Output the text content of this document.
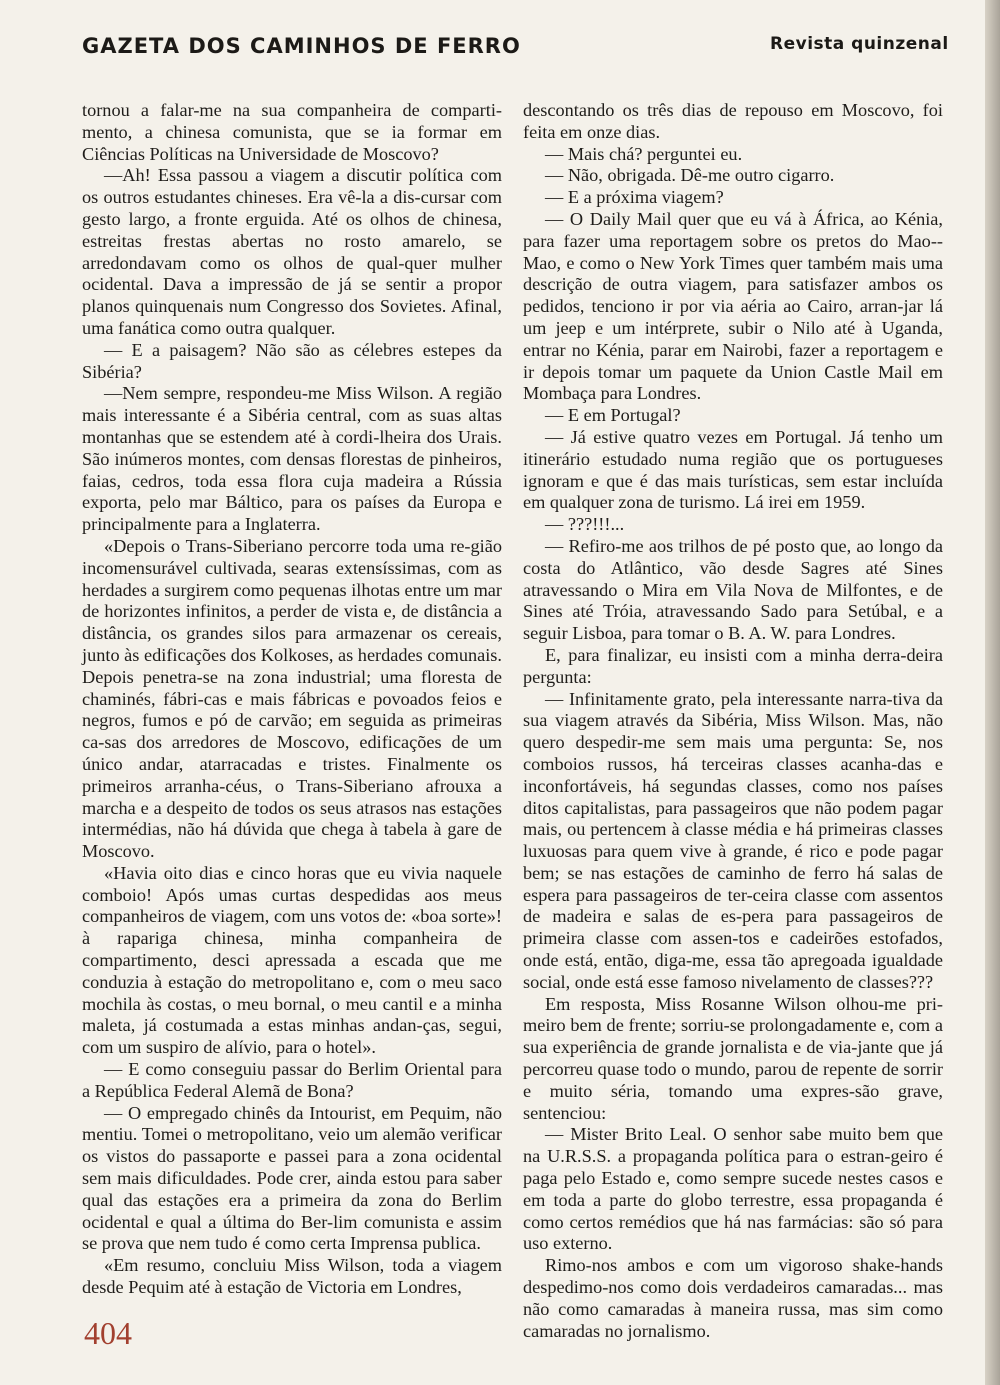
GAZETA DOS CAMINHOS DE FERRO	Revista quinzenal

tornou a falar-me na sua companheira de comparti-mento, a chinesa comunista, que se ia formar em Ciências Políticas na Universidade de Moscovo?

—Ah! Essa passou a viagem a discutir política com os outros estudantes chineses. Era vê-la a dis-cursar com gesto largo, a fronte erguida. Até os olhos de chinesa, estreitas frestas abertas no rosto amarelo, se arredondavam como os olhos de qual-quer mulher ocidental. Dava a impressão de já se sentir a propor planos quinquenais num Congresso dos Sovietes. Afinal, uma fanática como outra qualquer.

— E a paisagem? Não são as célebres estepes da Sibéria?

—Nem sempre, respondeu-me Miss Wilson. A região mais interessante é a Sibéria central, com as suas altas montanhas que se estendem até à cordi-lheira dos Urais. São inúmeros montes, com densas florestas de pinheiros, faias, cedros, toda essa flora cuja madeira a Rússia exporta, pelo mar Báltico, para os países da Europa e principalmente para a Inglaterra.

«Depois o Trans-Siberiano percorre toda uma re-gião incomensurável cultivada, searas extensíssimas, com as herdades a surgirem como pequenas ilhotas entre um mar de horizontes infinitos, a perder de vista e, de distância a distância, os grandes silos para armazenar os cereais, junto às edificações dos Kolkoses, as herdades comunais. Depois penetra-se na zona industrial; uma floresta de chaminés, fábri-cas e mais fábricas e povoados feios e negros, fumos e pó de carvão; em seguida as primeiras ca-sas dos arredores de Moscovo, edificações de um único andar, atarracadas e tristes. Finalmente os primeiros arranha-céus, o Trans-Siberiano afrouxa a marcha e a despeito de todos os seus atrasos nas estações intermédias, não há dúvida que chega à tabela à gare de Moscovo.

«Havia oito dias e cinco horas que eu vivia naquele comboio! Após umas curtas despedidas aos meus companheiros de viagem, com uns votos de: «boa sorte»! à rapariga chinesa, minha companheira de compartimento, desci apressada a escada que me conduzia à estação do metropolitano e, com o meu saco mochila às costas, o meu bornal, o meu cantil e a minha maleta, já costumada a estas minhas andan-ças, segui, com um suspiro de alívio, para o hotel».

— E como conseguiu passar do Berlim Oriental para a República Federal Alemã de Bona?

— O empregado chinês da Intourist, em Pequim, não mentiu. Tomei o metropolitano, veio um alemão verificar os vistos do passaporte e passei para a zona ocidental sem mais dificuldades. Pode crer, ainda estou para saber qual das estações era a primeira da zona do Berlim ocidental e qual a última do Ber-lim comunista e assim se prova que nem tudo é como certa Imprensa publica.

«Em resumo, concluiu Miss Wilson, toda a viagem desde Pequim até à estação de Victoria em Londres,

descontando os três dias de repouso em Moscovo, foi feita em onze dias.

— Mais chá? perguntei eu.

— Não, obrigada. Dê-me outro cigarro.

— E a próxima viagem?

— O Daily Mail quer que eu vá à África, ao Kénia, para fazer uma reportagem sobre os pretos do Mao--Mao, e como o New York Times quer também mais uma descrição de outra viagem, para satisfazer ambos os pedidos, tenciono ir por via aéria ao Cairo, arran-jar lá um jeep e um intérprete, subir o Nilo até à Uganda, entrar no Kénia, parar em Nairobi, fazer a reportagem e ir depois tomar um paquete da Union Castle Mail em Mombaça para Londres.

— E em Portugal?

— Já estive quatro vezes em Portugal. Já tenho um itinerário estudado numa região que os portugueses ignoram e que é das mais turísticas, sem estar incluída em qualquer zona de turismo. Lá irei em 1959.

— ???!!!...

— Refiro-me aos trilhos de pé posto que, ao longo da costa do Atlântico, vão desde Sagres até Sines atravessando o Mira em Vila Nova de Milfontes, e de Sines até Tróia, atravessando Sado para Setúbal, e a seguir Lisboa, para tomar o B. A. W. para Londres.

E, para finalizar, eu insisti com a minha derra-deira pergunta:

— Infinitamente grato, pela interessante narra-tiva da sua viagem através da Sibéria, Miss Wilson. Mas, não quero despedir-me sem mais uma pergunta: Se, nos comboios russos, há terceiras classes acanha-das e inconfortáveis, há segundas classes, como nos países ditos capitalistas, para passageiros que não podem pagar mais, ou pertencem à classe média e há primeiras classes luxuosas para quem vive à grande, é rico e pode pagar bem; se nas estações de caminho de ferro há salas de espera para passageiros de ter-ceira classe com assentos de madeira e salas de es-pera para passageiros de primeira classe com assen-tos e cadeirões estofados, onde está, então, diga-me, essa tão apregoada igualdade social, onde está esse famoso nivelamento de classes???

Em resposta, Miss Rosanne Wilson olhou-me pri-meiro bem de frente; sorriu-se prolongadamente e, com a sua experiência de grande jornalista e de via-jante que já percorreu quase todo o mundo, parou de repente de sorrir e muito séria, tomando uma expres-são grave, sentenciou:

— Mister Brito Leal. O senhor sabe muito bem que na U.R.S.S. a propaganda política para o estran-geiro é paga pelo Estado e, como sempre sucede nestes casos e em toda a parte do globo terrestre, essa propaganda é como certos remédios que há nas farmácias: são só para uso externo.

Rimo-nos ambos e com um vigoroso shake-hands despedimo-nos como dois verdadeiros camaradas... mas não como camaradas à maneira russa, mas sim como camaradas no jornalismo.

404
